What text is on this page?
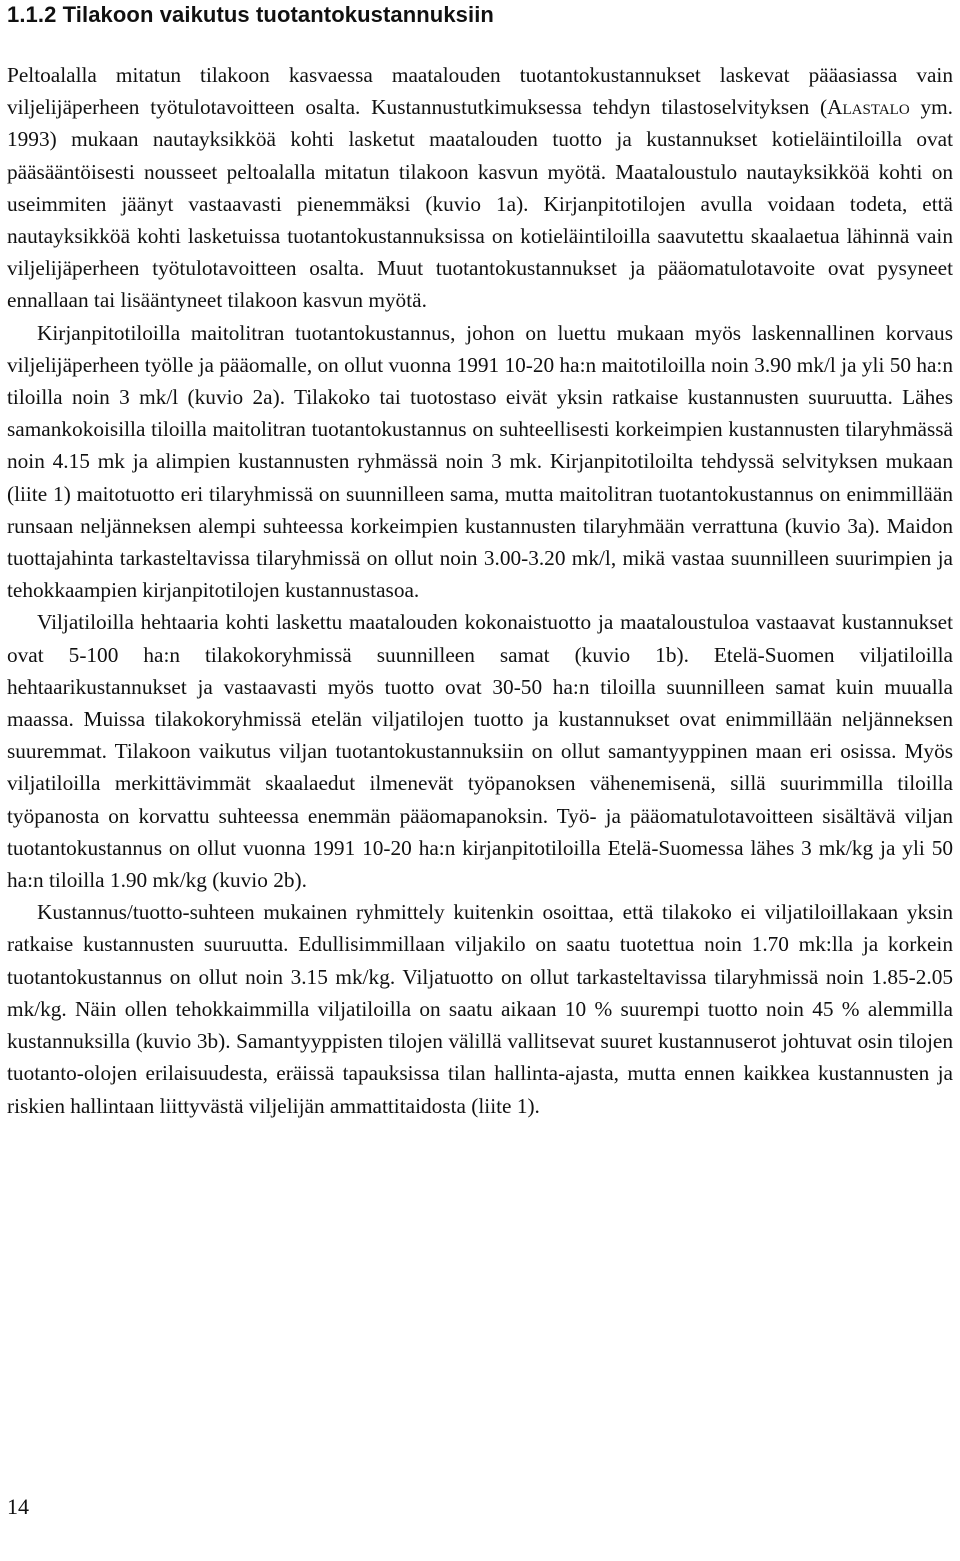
1.1.2 Tilakoon vaikutus tuotantokustannuksiin

Peltoalalla mitatun tilakoon kasvaessa maatalouden tuotantokustannukset laskevat pääasiassa vain viljelijäperheen työtulotavoitteen osalta. Kustannustutkimuksessa tehdyn tilastoselvityksen (Alastalo ym. 1993) mukaan nautayksikköä kohti lasketut maatalouden tuotto ja kustannukset kotieläintiloilla ovat pääsääntöisesti nousseet peltoalalla mitatun tilakoon kasvun myötä. Maataloustulo nautayksikköä kohti on useimmiten jäänyt vastaavasti pienemmäksi (kuvio 1a). Kirjanpitotilojen avulla voidaan todeta, että nautayksikköä kohti lasketuissa tuotantokustannuksissa on kotieläintiloilla saavutettu skaalaetua lähinnä vain viljelijäperheen työtulotavoitteen osalta. Muut tuotantokustannukset ja pääomatulotavoite ovat pysyneet ennallaan tai lisääntyneet tilakoon kasvun myötä.

Kirjanpitotiloilla maitolitran tuotantokustannus, johon on luettu mukaan myös laskennallinen korvaus viljelijäperheen työlle ja pääomalle, on ollut vuonna 1991 10-20 ha:n maitotiloilla noin 3.90 mk/l ja yli 50 ha:n tiloilla noin 3 mk/l (kuvio 2a). Tilakoko tai tuotostaso eivät yksin ratkaise kustannusten suuruutta. Lähes samankokoisilla tiloilla maitolitran tuotantokustannus on suhteellisesti korkeimpien kustannusten tilaryhmässä noin 4.15 mk ja alimpien kustannusten ryhmässä noin 3 mk. Kirjanpitotiloilta tehdyssä selvityksen mukaan (liite 1) maitotuotto eri tilaryhmissä on suunnilleen sama, mutta maitolitran tuotantokustannus on enimmillään runsaan neljänneksen alempi suhteessa korkeimpien kustannusten tilaryhmään verrattuna (kuvio 3a). Maidon tuottajahinta tarkasteltavissa tilaryhmissä on ollut noin 3.00-3.20 mk/l, mikä vastaa suunnilleen suurimpien ja tehokkaampien kirjanpitotilojen kustannustasoa.

Viljatiloilla hehtaaria kohti laskettu maatalouden kokonaistuotto ja maataloustuloa vastaavat kustannukset ovat 5-100 ha:n tilakokoryhmissä suunnilleen samat (kuvio 1b). Etelä-Suomen viljatiloilla hehtaarikustannukset ja vastaavasti myös tuotto ovat 30-50 ha:n tiloilla suunnilleen samat kuin muualla maassa. Muissa tilakokoryhmissä etelän viljatilojen tuotto ja kustannukset ovat enimmillään neljänneksen suuremmat. Tilakoon vaikutus viljan tuotantokustannuksiin on ollut samantyyppinen maan eri osissa. Myös viljatiloilla merkittävimmät skaalaedut ilmenevät työpanoksen vähenemisenä, sillä suurimmilla tiloilla työpanosta on korvattu suhteessa enemmän pääomapanoksin. Työ- ja pääomatulotavoitteen sisältävä viljan tuotantokustannus on ollut vuonna 1991 10-20 ha:n kirjanpitotiloilla Etelä-Suomessa lähes 3 mk/kg ja yli 50 ha:n tiloilla 1.90 mk/kg (kuvio 2b).

Kustannus/tuotto-suhteen mukainen ryhmittely kuitenkin osoittaa, että tilakoko ei viljatiloillakaan yksin ratkaise kustannusten suuruutta. Edullisimmillaan viljakilo on saatu tuotettua noin 1.70 mk:lla ja korkein tuotantokustannus on ollut noin 3.15 mk/kg. Viljatuotto on ollut tarkasteltavissa tilaryhmissä noin 1.85-2.05 mk/kg. Näin ollen tehokkaimmilla viljatiloilla on saatu aikaan 10 % suurempi tuotto noin 45 % alemmilla kustannuksilla (kuvio 3b). Samantyyppisten tilojen välillä vallitsevat suuret kustannuserot johtuvat osin tilojen tuotanto-olojen erilaisuudesta, eräissä tapauksissa tilan hallinta-ajasta, mutta ennen kaikkea kustannusten ja riskien hallintaan liittyvästä viljelijän ammattitaidosta (liite 1).

14
